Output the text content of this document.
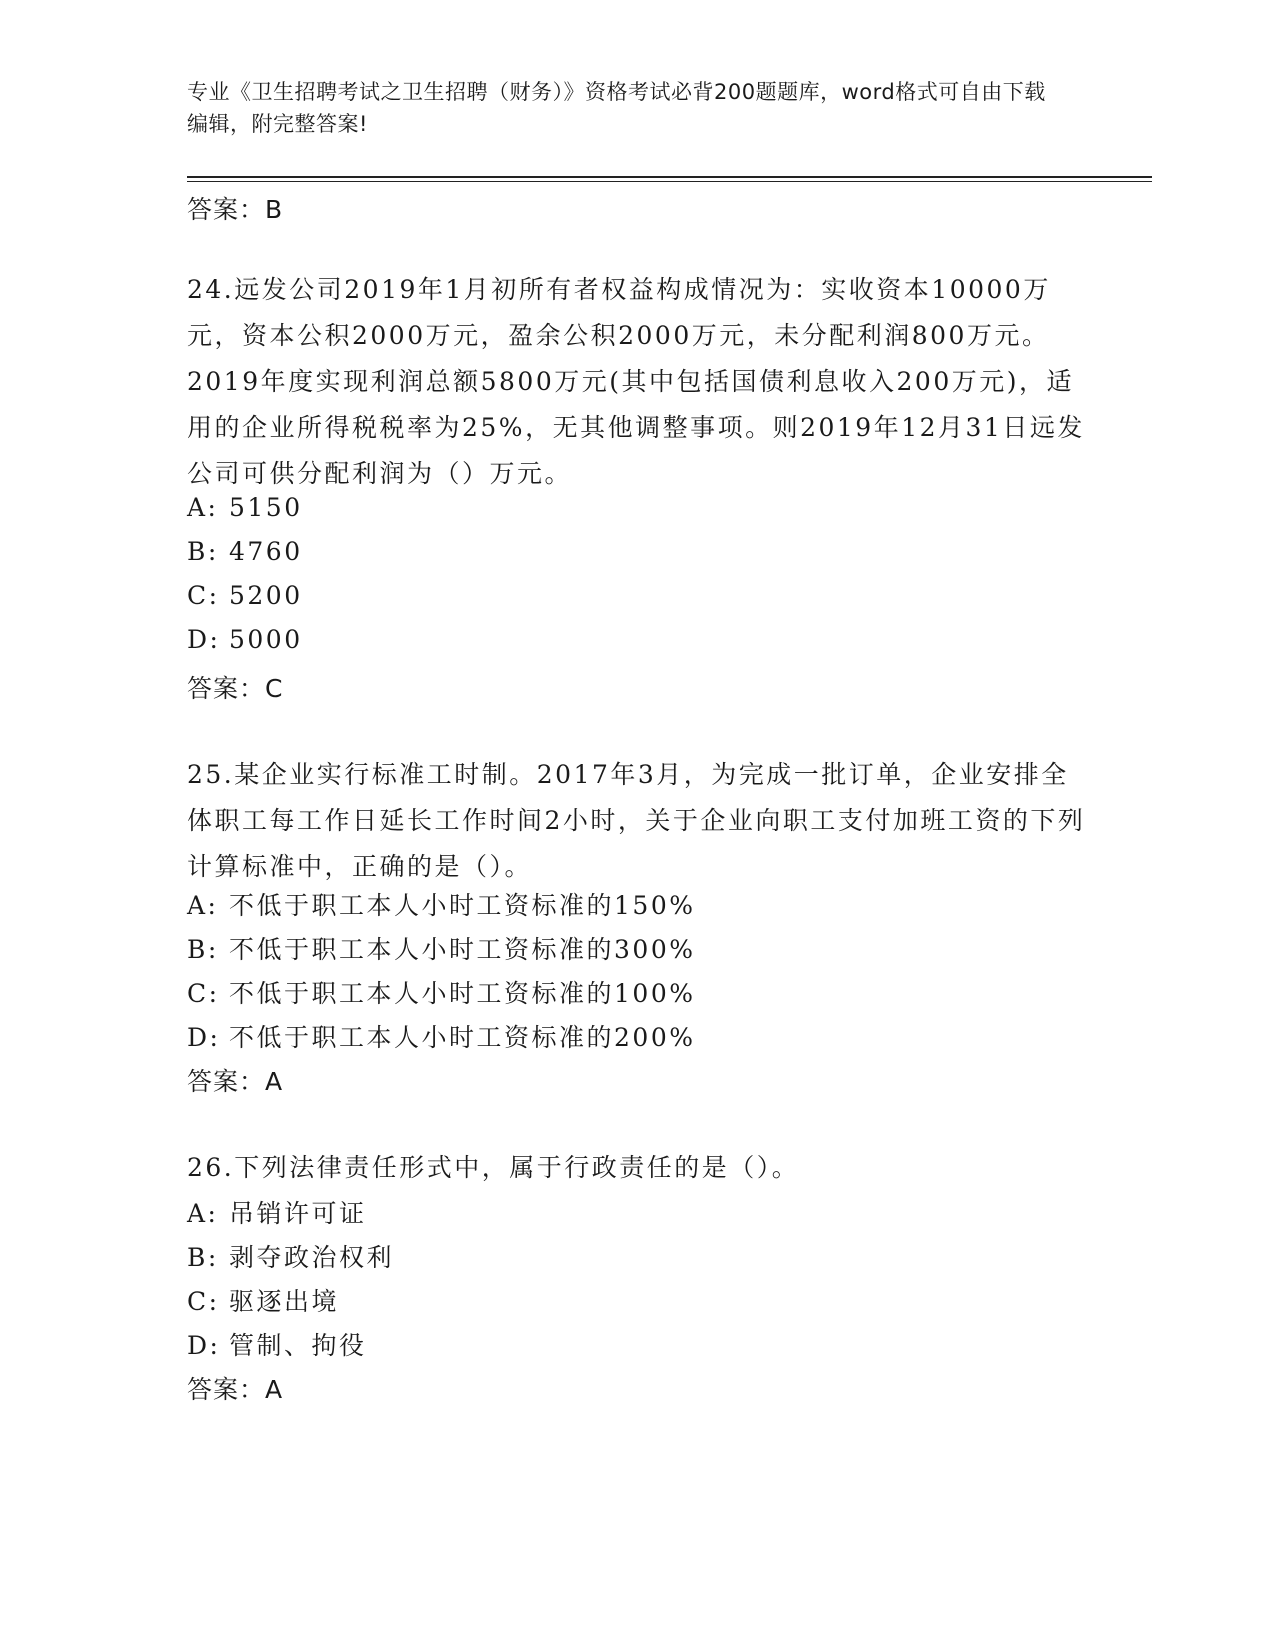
专业《卫生招聘考试之卫生招聘（财务）》资格考试必背200题题库，word格式可自由下载编辑，附完整答案!
答案：B
24.远发公司2019年1月初所有者权益构成情况为：实收资本10000万元，资本公积2000万元，盈余公积2000万元，未分配利润800万元。2019年度实现利润总额5800万元(其中包括国债利息收入200万元)，适用的企业所得税税率为25%，无其他调整事项。则2019年12月31日远发公司可供分配利润为（）万元。
A: 5150
B: 4760
C: 5200
D: 5000
答案：C
25.某企业实行标准工时制。2017年3月，为完成一批订单，企业安排全体职工每工作日延长工作时间2小时，关于企业向职工支付加班工资的下列计算标准中，正确的是（）。
A: 不低于职工本人小时工资标准的150%
B: 不低于职工本人小时工资标准的300%
C: 不低于职工本人小时工资标准的100%
D: 不低于职工本人小时工资标准的200%
答案：A
26.下列法律责任形式中，属于行政责任的是（）。
A: 吊销许可证
B: 剥夺政治权利
C: 驱逐出境
D: 管制、拘役
答案：A
